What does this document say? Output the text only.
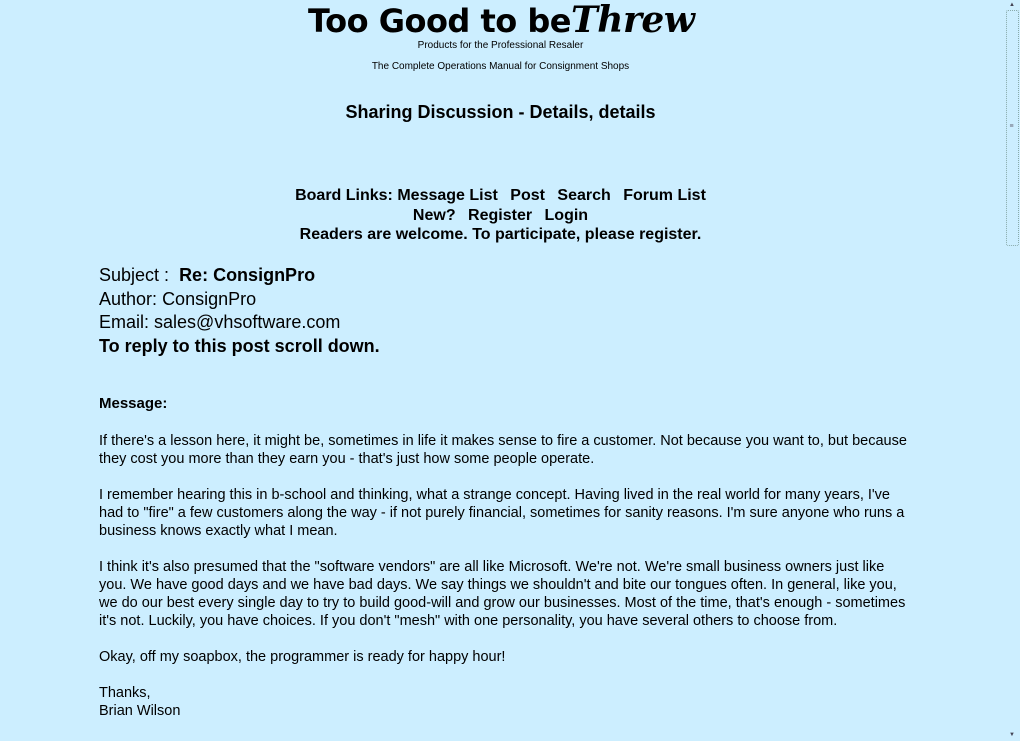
Too Good to beThrew
Products for the Professional Resaler
The Complete Operations Manual for Consignment Shops
Sharing Discussion - Details, details
Board Links: Message List Post Search Forum List
New? Register Login
Readers are welcome. To participate, please register.
Subject : Re: ConsignPro
Author: ConsignPro
Email: sales@vhsoftware.com
To reply to this post scroll down.
Message:

If there's a lesson here, it might be, sometimes in life it makes sense to fire a customer. Not because you want to, but because they cost you more than they earn you - that's just how some people operate.

I remember hearing this in b-school and thinking, what a strange concept. Having lived in the real world for many years, I've had to "fire" a few customers along the way - if not purely financial, sometimes for sanity reasons. I'm sure anyone who runs a business knows exactly what I mean.

I think it's also presumed that the "software vendors" are all like Microsoft. We're not. We're small business owners just like you. We have good days and we have bad days. We say things we shouldn't and bite our tongues often. In general, like you, we do our best every single day to try to build good-will and grow our businesses. Most of the time, that's enough - sometimes it's not. Luckily, you have choices. If you don't "mesh" with one personality, you have several others to choose from.

Okay, off my soapbox, the programmer is ready for happy hour!

Thanks,
Brian Wilson
▲
≡
▼
